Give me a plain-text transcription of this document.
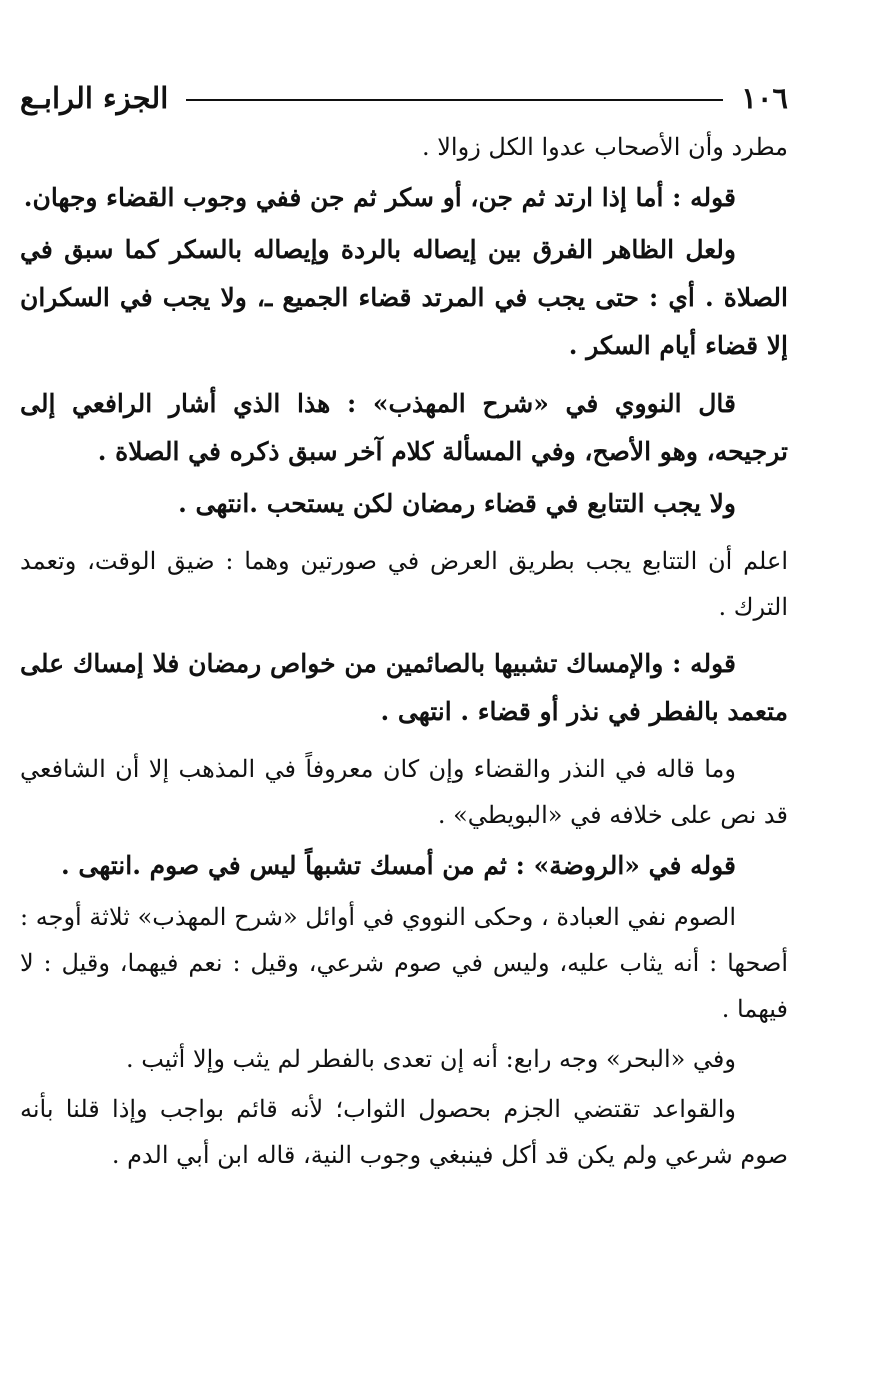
١٠٦
الجزء الرابـع

مطرد وأن الأصحاب عدوا الكل زوالا .

قوله : أما إذا ارتد ثم جن، أو سكر ثم جن ففي وجوب القضاء وجهان.

ولعل الظاهر الفرق بين إيصاله بالردة وإيصاله بالسكر كما سبق في الصلاة . أي : حتى يجب في المرتد قضاء الجميع ـ، ولا يجب في السكران إلا قضاء أيام السكر .

قال النووي في «شرح المهذب» : هذا الذي أشار الرافعي إلى ترجيحه، وهو الأصح، وفي المسألة كلام آخر سبق ذكره في الصلاة .

ولا يجب التتابع في قضاء رمضان لكن يستحب .انتهى .

اعلم أن التتابع يجب بطريق العرض في صورتين وهما : ضيق الوقت، وتعمد الترك .

قوله : والإمساك تشبيها بالصائمين من خواص رمضان فلا إمساك على متعمد بالفطر في نذر أو قضاء . انتهى .

وما قاله في النذر والقضاء وإن كان معروفاً في المذهب إلا أن الشافعي قد نص على خلافه في «البويطي» .

قوله في «الروضة» : ثم من أمسك تشبهاً ليس في صوم .انتهى .

الصوم نفي العبادة ، وحكى النووي في أوائل «شرح المهذب» ثلاثة أوجه : أصحها : أنه يثاب عليه، وليس في صوم شرعي، وقيل : نعم فيهما، وقيل : لا فيهما .

وفي «البحر» وجه رابع: أنه إن تعدى بالفطر لم يثب وإلا أثيب .

والقواعد تقتضي الجزم بحصول الثواب؛ لأنه قائم بواجب وإذا قلنا بأنه صوم شرعي ولم يكن قد أكل فينبغي وجوب النية، قاله ابن أبي الدم .
